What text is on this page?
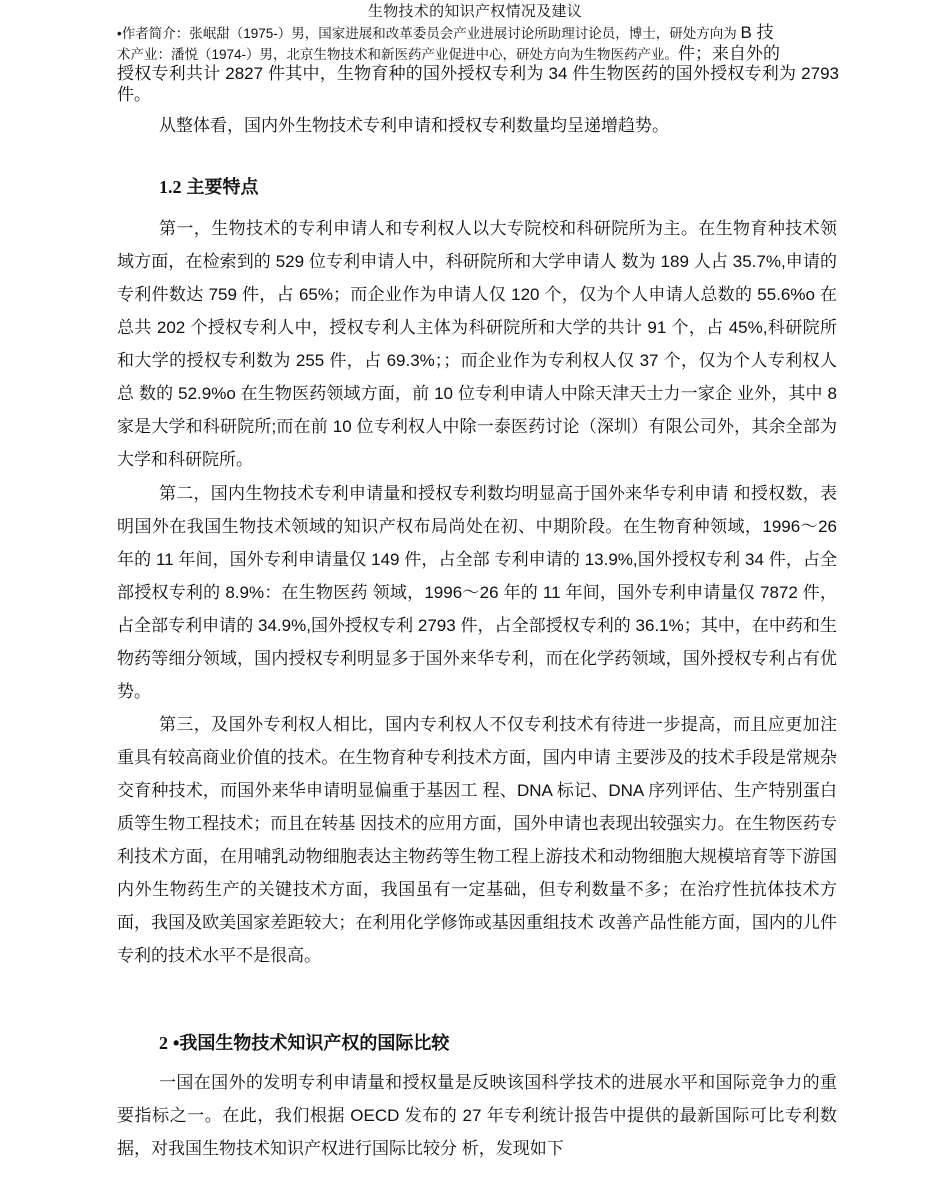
生物技术的知识产权情况及建议
•作者简介：张岷甜（1975-）男，国家进展和改革委员会产业进展讨论所助理讨论员，博士，研处方向为 B 技
术产业：潘悦（1974-）男，北京生物技术和新医药产业促进中心，研处方向为生物医药产业。件；来自外的
授权专利共计 2827 件其中，生物育种的国外授权专利为 34 件生物医药的国外授权专利为 2793 件。

从整体看，国内外生物技术专利申请和授权专利数量均呈递增趋势。

1.2 主要特点

第一，生物技术的专利申请人和专利权人以大专院校和科研院所为主。在生物育种技术领域方面，在检索到的 529 位专利申请人中，科研院所和大学申请人 数为 189 人占 35.7%,申请的专利件数达 759 件，占 65%；而企业作为申请人仅 120 个，仅为个人申请人总数的 55.6%o 在总共 202 个授权专利人中，授权专利人主体为科研院所和大学的共计 91 个，占 45%,科研院所和大学的授权专利数为 255 件，占 69.3%；；而企业作为专利权人仅 37 个，仅为个人专利权人总 数的 52.9%o 在生物医药领域方面，前 10 位专利申请人中除天津天士力一家企 业外，其中 8 家是大学和科研院所;而在前 10 位专利权人中除一泰医药讨论（深圳）有限公司外，其余全部为大学和科研院所。

第二，国内生物技术专利申请量和授权专利数均明显高于国外来华专利申请 和授权数，表明国外在我国生物技术领域的知识产权布局尚处在初、中期阶段。在生物育种领域，1996〜26 年的 11 年间，国外专利申请量仅 149 件，占全部 专利申请的 13.9%,国外授权专利 34 件，占全部授权专利的 8.9%：在生物医药 领域，1996〜26 年的 11 年间，国外专利申请量仅 7872 件，占全部专利申请的 34.9%,国外授权专利 2793 件，占全部授权专利的 36.1%；其中，在中药和生物药等细分领域，国内授权专利明显多于国外来华专利，而在化学药领域，国外授权专利占有优势。

第三，及国外专利权人相比，国内专利权人不仅专利技术有待进一步提高，而且应更加注重具有较高商业价值的技术。在生物育种专利技术方面，国内申请 主要涉及的技术手段是常规杂交育种技术，而国外来华申请明显偏重于基因工 程、DNA 标记、DNA 序列评估、生产特别蛋白质等生物工程技术；而且在转基 因技术的应用方面，国外申请也表现出较强实力。在生物医药专利技术方面，在用哺乳动物细胞表达主物药等生物工程上游技术和动物细胞大规模培育等下游国内外生物药生产的关键技术方面，我国虽有一定基础，但专利数量不多；在治疗性抗体技术方面，我国及欧美国家差距较大；在利用化学修饰或基因重组技术 改善产品性能方面，国内的儿件专利的技术水平不是很高。

2 •我国生物技术知识产权的国际比较

一国在国外的发明专利申请量和授权量是反映该国科学技术的进展水平和国际竞争力的重要指标之一。在此，我们根据 OECD 发布的 27 年专利统计报告中提供的最新国际可比专利数据，对我国生物技术知识产权进行国际比较分 析，发现如下
